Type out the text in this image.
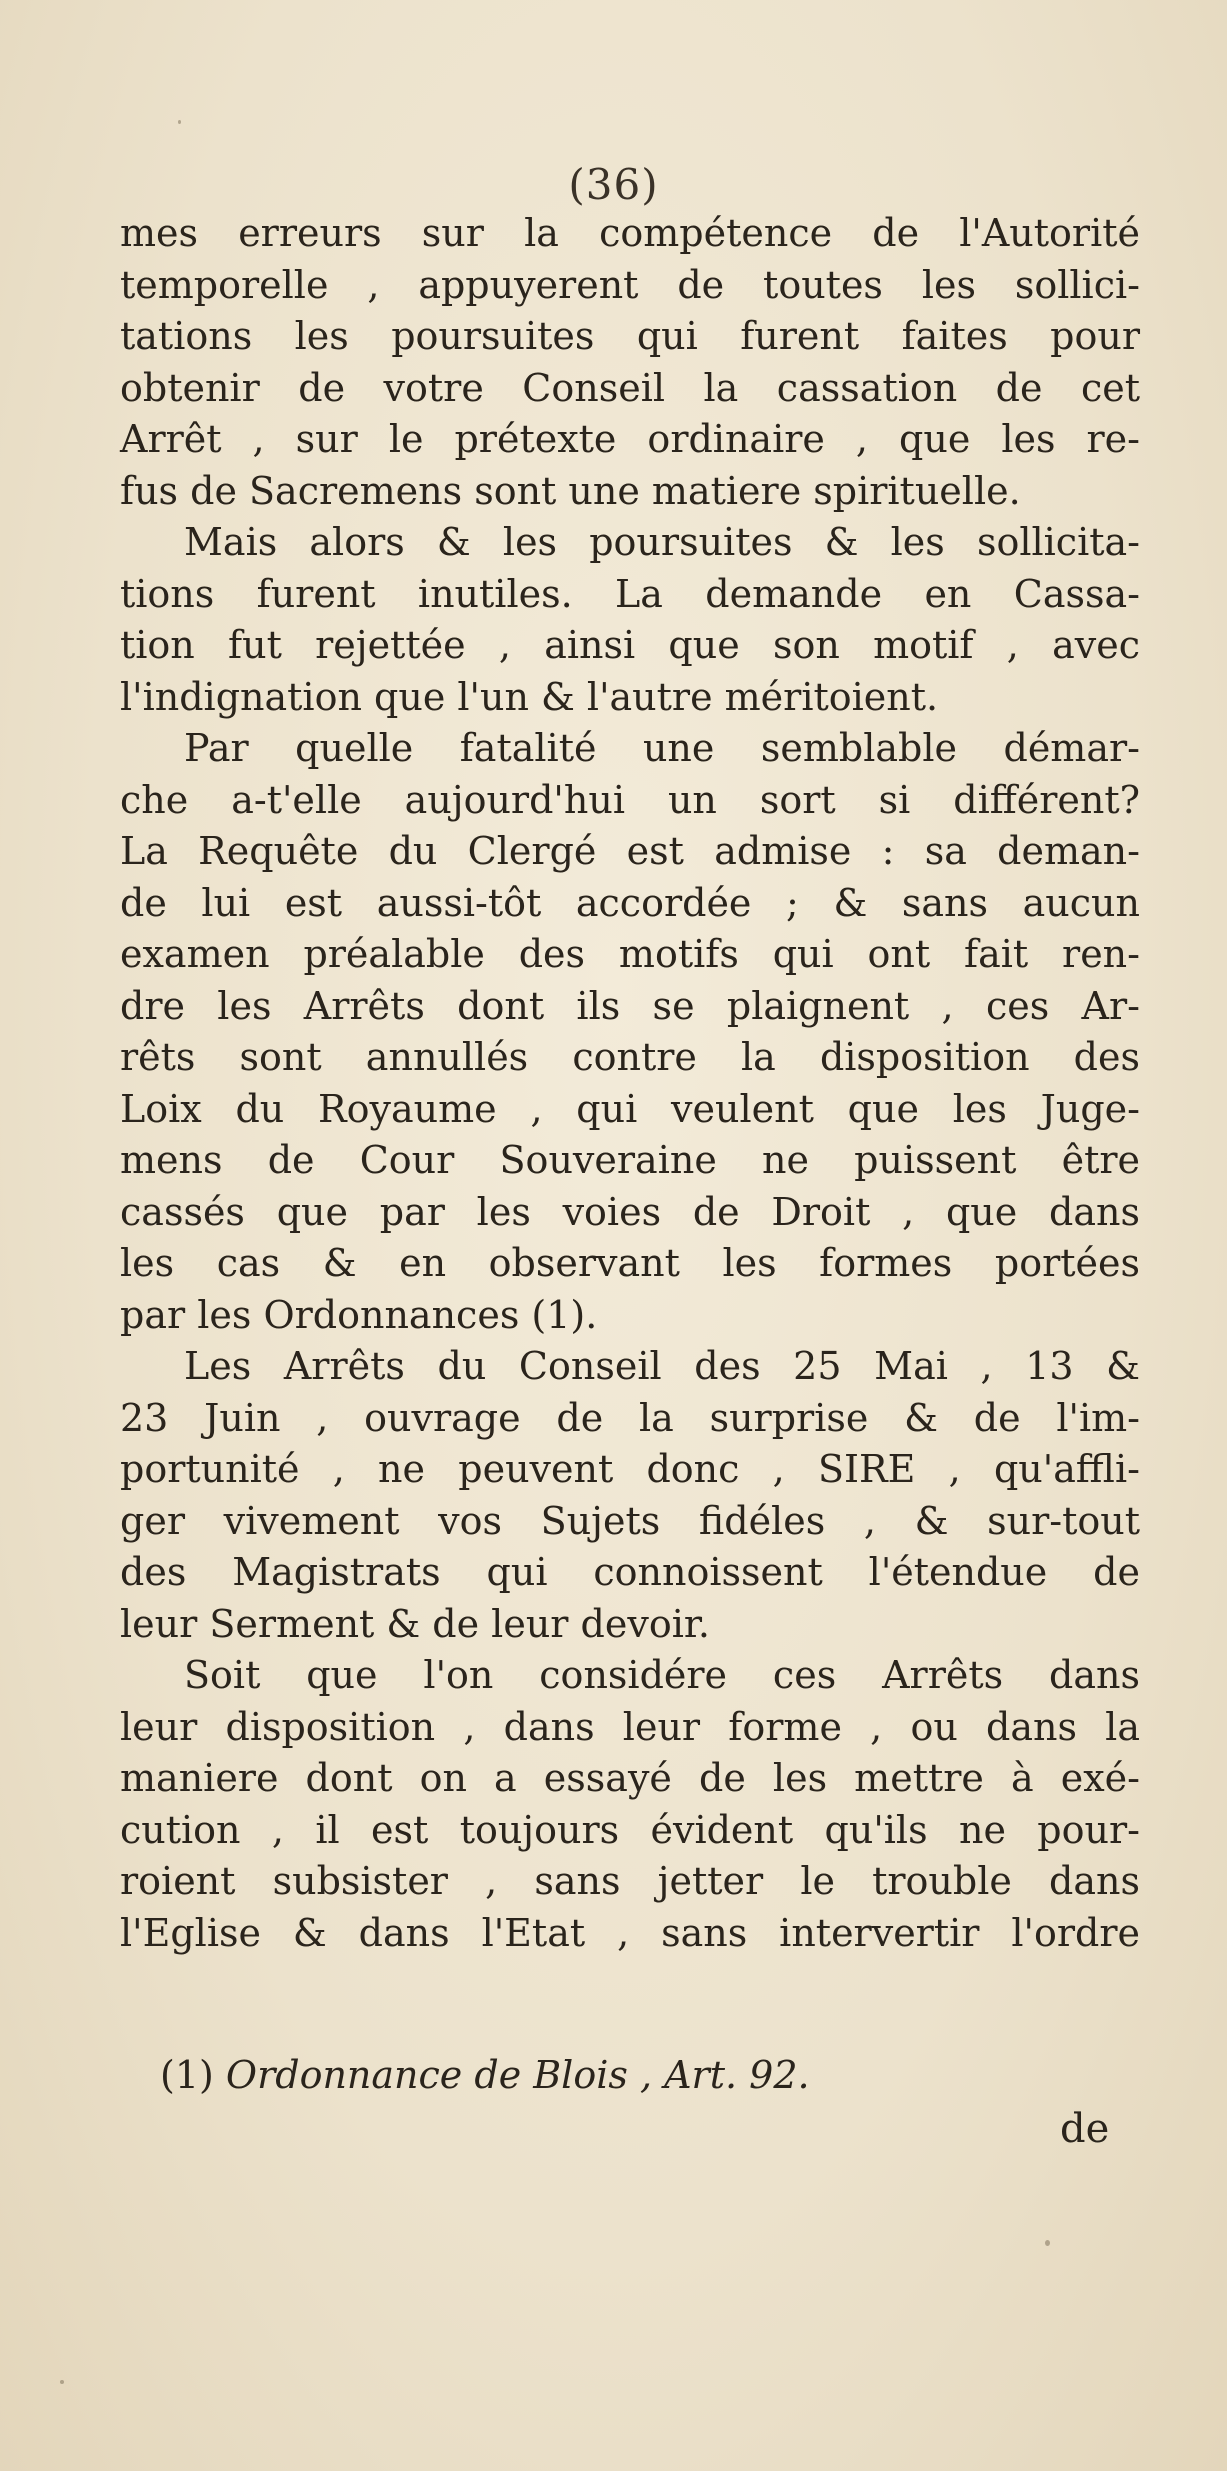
(36)
mes erreurs sur la compétence de l'Autorité
temporelle , appuyerent de toutes les sollici-
tations les poursuites qui furent faites pour
obtenir de votre Conseil la cassation de cet
Arrêt , sur le prétexte ordinaire , que les re-
fus de Sacremens sont une matiere spirituelle.
Mais alors & les poursuites & les sollicita-
tions furent inutiles. La demande en Cassa-
tion fut rejettée , ainsi que son motif , avec
l'indignation que l'un & l'autre méritoient.
Par quelle fatalité une semblable démar-
che a-t'elle aujourd'hui un sort si différent?
La Requête du Clergé est admise : sa deman-
de lui est aussi-tôt accordée ; & sans aucun
examen préalable des motifs qui ont fait ren-
dre les Arrêts dont ils se plaignent , ces Ar-
rêts sont annullés contre la disposition des
Loix du Royaume , qui veulent que les Juge-
mens de Cour Souveraine ne puissent être
cassés que par les voies de Droit , que dans
les cas & en observant les formes portées
par les Ordonnances (1).
Les Arrêts du Conseil des 25 Mai , 13 &
23 Juin , ouvrage de la surprise & de l'im-
portunité , ne peuvent donc , SIRE , qu'affli-
ger vivement vos Sujets fidéles , & sur-tout
des Magistrats qui connoissent l'étendue de
leur Serment & de leur devoir.
Soit que l'on considére ces Arrêts dans
leur disposition , dans leur forme , ou dans la
maniere dont on a essayé de les mettre à exé-
cution , il est toujours évident qu'ils ne pour-
roient subsister , sans jetter le trouble dans
l'Eglise & dans l'Etat , sans intervertir l'ordre
(1) Ordonnance de Blois , Art. 92.
de
